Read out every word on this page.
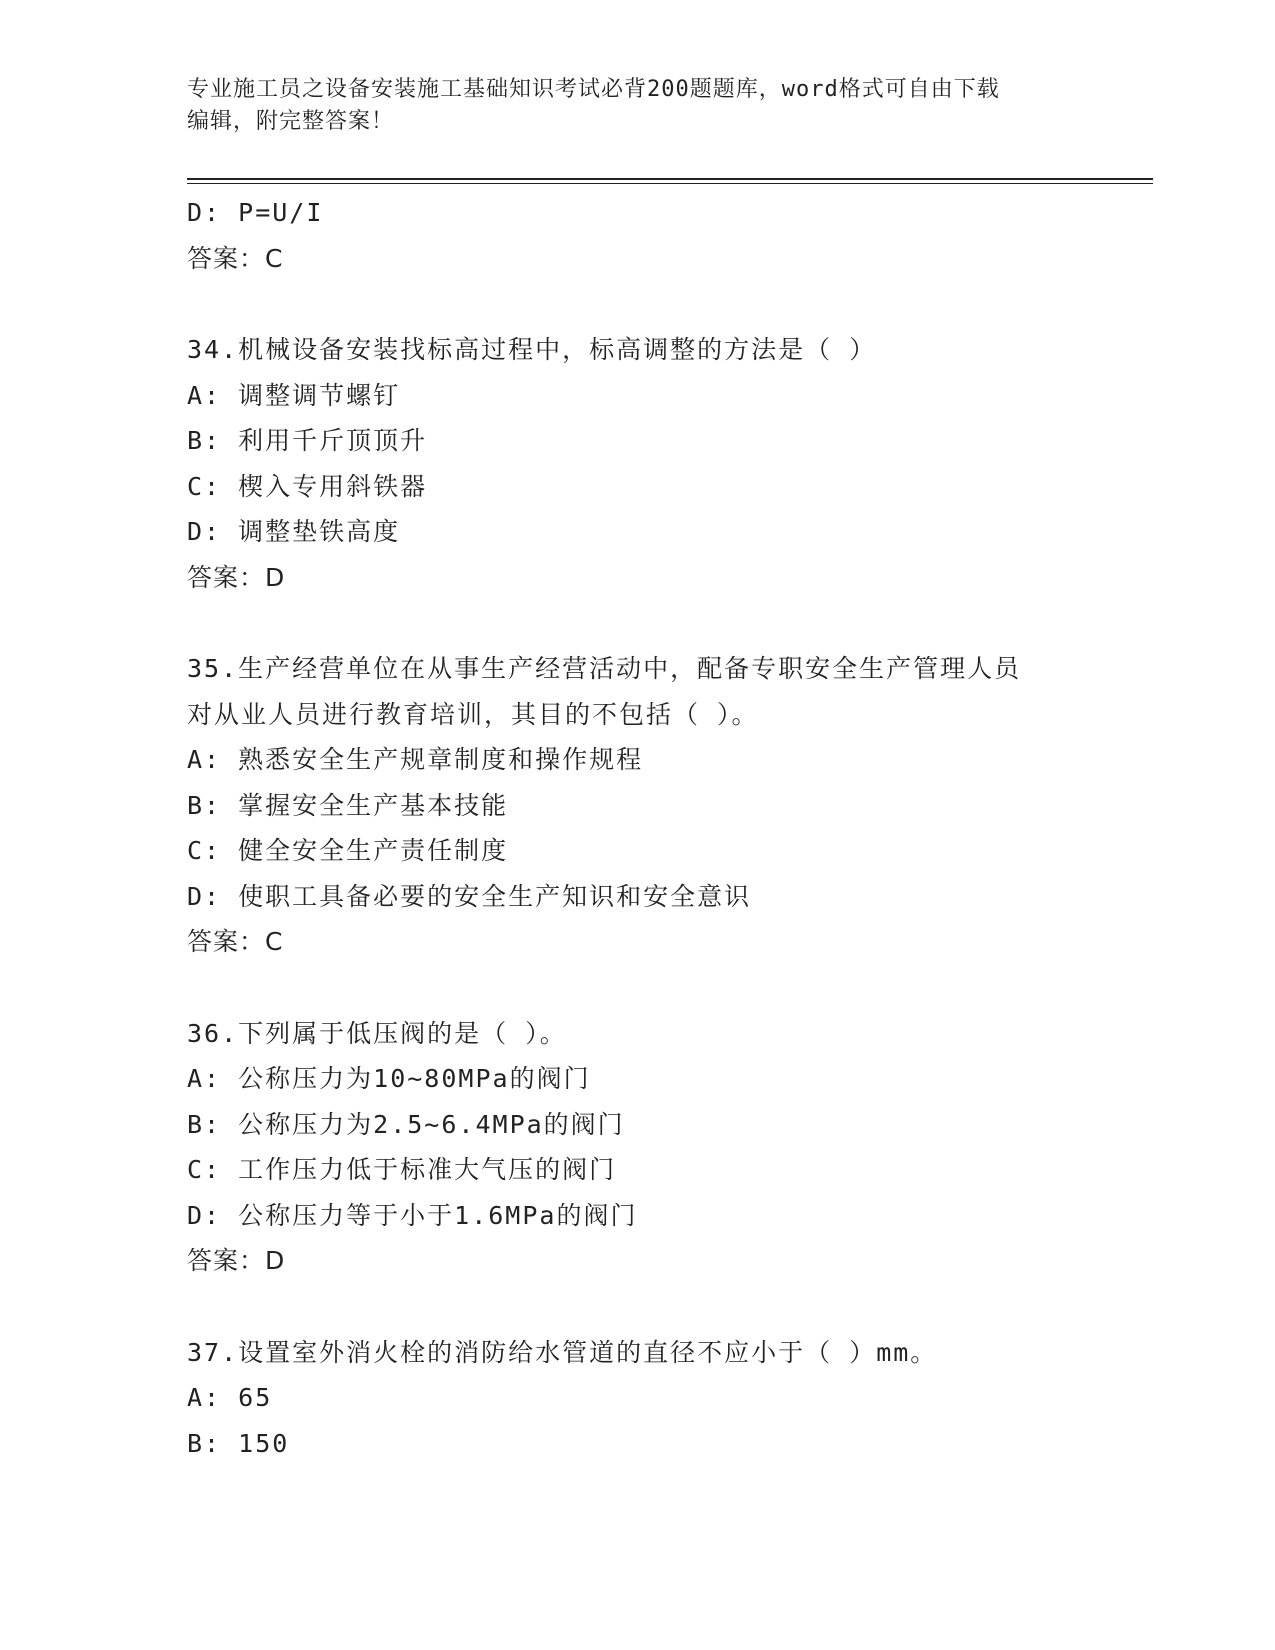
专业施工员之设备安装施工基础知识考试必背200题题库，word格式可自由下载
编辑，附完整答案！
D: P=U/I
答案：C
34.机械设备安装找标高过程中，标高调整的方法是（ ）
A: 调整调节螺钉
B: 利用千斤顶顶升
C: 楔入专用斜铁器
D: 调整垫铁高度
答案：D
35.生产经营单位在从事生产经营活动中，配备专职安全生产管理人员
对从业人员进行教育培训，其目的不包括（ ）。
A: 熟悉安全生产规章制度和操作规程
B: 掌握安全生产基本技能
C: 健全安全生产责任制度
D: 使职工具备必要的安全生产知识和安全意识
答案：C
36.下列属于低压阀的是（ ）。
A: 公称压力为10~80MPa的阀门
B: 公称压力为2.5~6.4MPa的阀门
C: 工作压力低于标准大气压的阀门
D: 公称压力等于小于1.6MPa的阀门
答案：D
37.设置室外消火栓的消防给水管道的直径不应小于（ ）mm。
A: 65
B: 150
